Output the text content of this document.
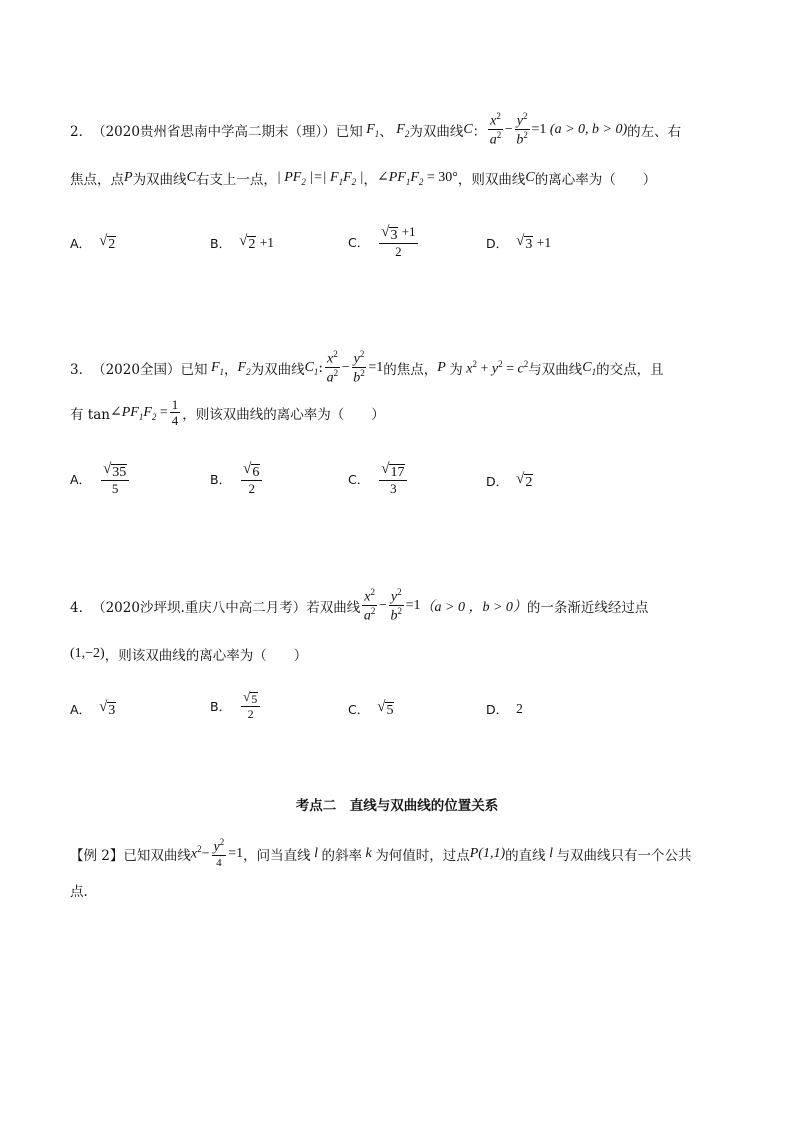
2． （2020贵州省思南中学高二期末（理）） 已知 $F_1$ 、 $F_2$ 为双曲线 C ： $\frac{x^2}{a^2} - \frac{y^2}{b^2} =1$ (a > 0, b > 0) 的左、右
焦点，点 P 为双曲线 C 右支上一点， | $PF_2$ |=| $F_1F_2$ | ， $\angle PF_1F_2 = 30^\circ$ ，则双曲线 C 的离心率为（　　）
A． √ 2	B． √ 2 +1	C． $\frac{√ 3 +1}{2}$	D． √ 3 +1
3． （2020全国） 已知 $F_1$ ， $F_2$ 为双曲线 $C_1$ : $\frac{x^2}{a^2} - \frac{y^2}{b^2} =1$ 的焦点， P 为 $x^2 + y^2 = c^2$ 与双曲线 $C_1$ 的交点，且
有 $\tan \angle PF_1F_2 = \frac{1}{4}$ ，则该双曲线的离心率为（　　）
A． $\frac{√ 35}{5}$	B． $\frac{√ 6}{2}$	C． $\frac{√ 17}{3}$	D． √ 2
4． （2020沙坪坝.重庆八中高二月考） 若双曲线 $\frac{x^2}{a^2} - \frac{y^2}{b^2} =1$ （a > 0 ，b > 0） 的一条渐近线经过点
(1,−2) ，则该双曲线的离心率为（　　）
A． √ 3	B． $\frac{√ 5}{2}$	C． √ 5	D． 2
考点二　直线与双曲线的位置关系
【例 2】 已知双曲线 $x^2- \frac{y^2}{4} =1$ ，问当直线 l 的斜率 k 为何值时，过点 P(1,1) 的直线 l 与双曲线只有一个公共
点．
